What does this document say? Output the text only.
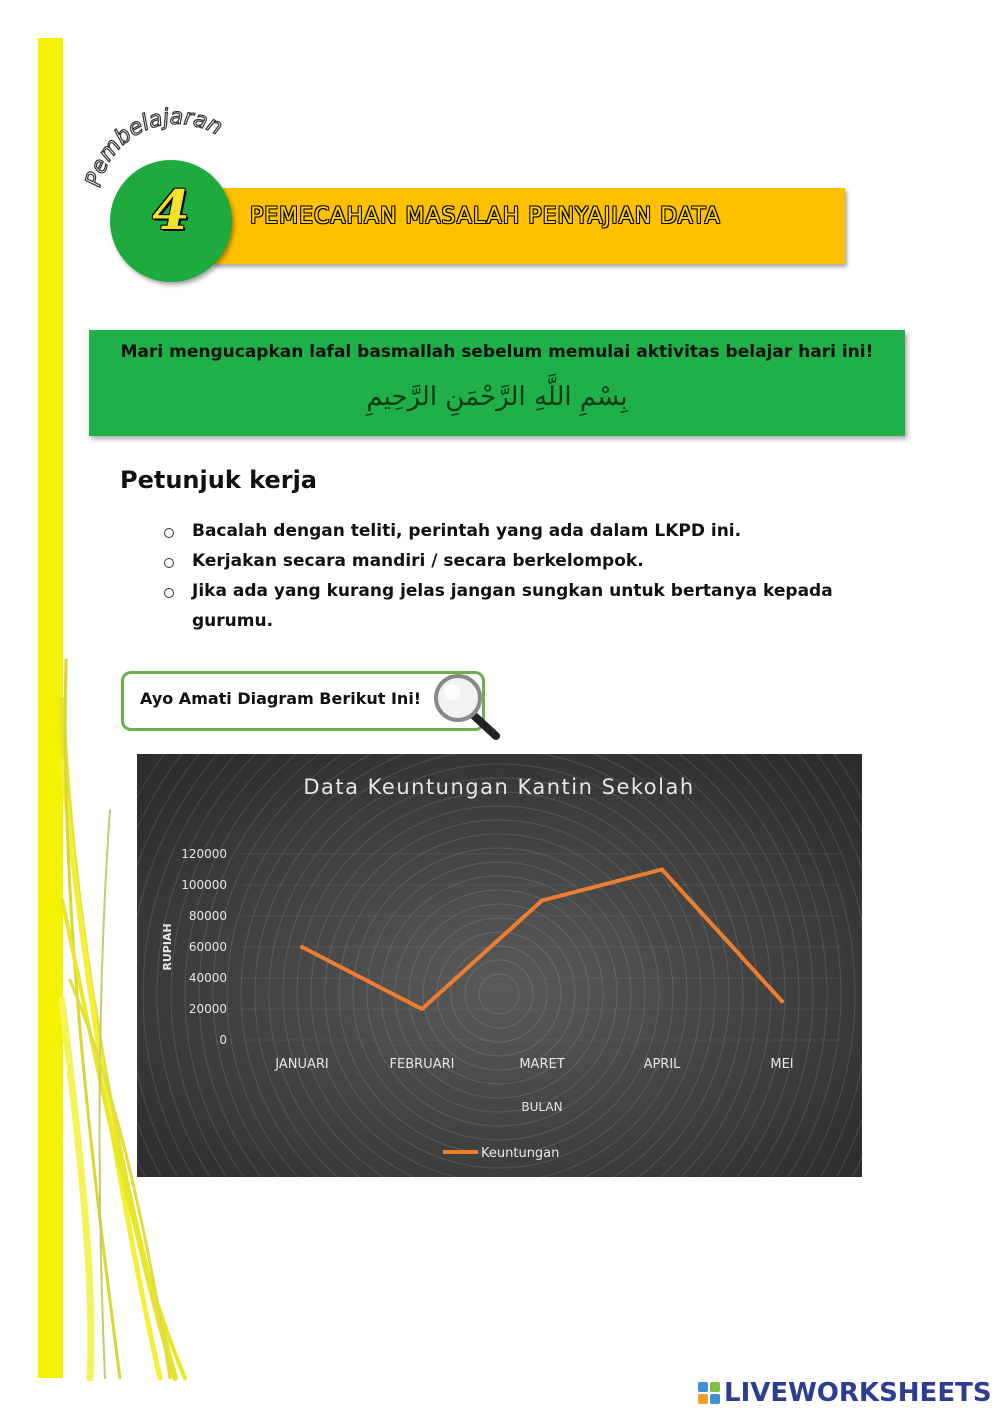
4
Pembelajaran
PEMECAHAN MASALAH PENYAJIAN DATA
Mari mengucapkan lafal basmallah sebelum memulai aktivitas belajar hari ini!
بِسْمِ اللَّهِ الرَّحْمَنِ الرَّحِيمِ
Petunjuk kerja
Bacalah dengan teliti, perintah yang ada dalam LKPD ini.
Kerjakan secara mandiri / secara berkelompok.
Jika ada yang kurang jelas jangan sungkan untuk bertanya kepada gurumu.
Ayo Amati Diagram Berikut Ini!
Data Keuntungan Kantin Sekolah
0
20000
40000
60000
80000
100000
120000
JANUARI	FEBRUARI	MARET	APRIL	MEI
RUPIAH
BULAN
Keuntungan
LIVEWORKSHEETS
